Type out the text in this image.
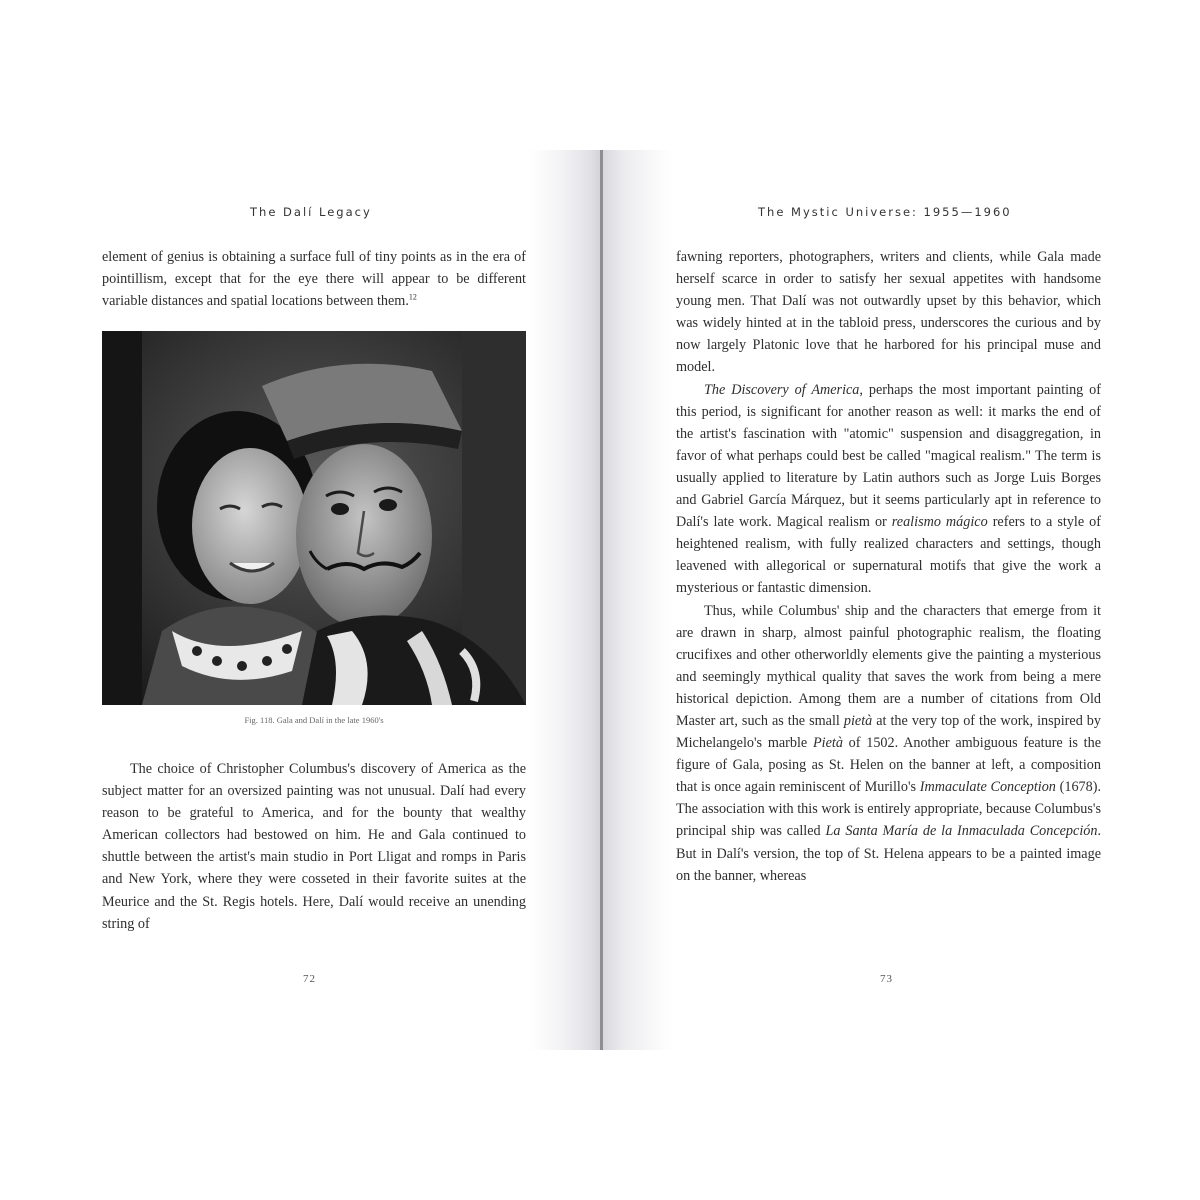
The Dalí Legacy

element of genius is obtaining a surface full of tiny points as in the era of pointillism, except that for the eye there will appear to be different variable distances and spatial locations between them.$^{12}$

Fig. 118. Gala and Dalí in the late 1960's

The choice of Christopher Columbus's discovery of America as the subject matter for an oversized painting was not unusual. Dalí had every reason to be grateful to America, and for the bounty that wealthy American collectors had bestowed on him. He and Gala continued to shuttle between the artist's main studio in Port Lligat and romps in Paris and New York, where they were cosseted in their favorite suites at the Meurice and the St. Regis hotels. Here, Dalí would receive an unending string of

72
The Mystic Universe: 1955—1960

fawning reporters, photographers, writers and clients, while Gala made herself scarce in order to satisfy her sexual appetites with handsome young men. That Dalí was not outwardly upset by this behavior, which was widely hinted at in the tabloid press, underscores the curious and by now largely Platonic love that he harbored for his principal muse and model.

The Discovery of America, perhaps the most important painting of this period, is significant for another reason as well: it marks the end of the artist's fascination with "atomic" suspension and disaggregation, in favor of what perhaps could best be called "magical realism." The term is usually applied to literature by Latin authors such as Jorge Luis Borges and Gabriel García Márquez, but it seems particularly apt in reference to Dalí's late work. Magical realism or realismo mágico refers to a style of heightened realism, with fully realized characters and settings, though leavened with allegorical or supernatural motifs that give the work a mysterious or fantastic dimension.

Thus, while Columbus' ship and the characters that emerge from it are drawn in sharp, almost painful photographic realism, the floating crucifixes and other otherworldly elements give the painting a mysterious and seemingly mythical quality that saves the work from being a mere historical depiction. Among them are a number of citations from Old Master art, such as the small pietà at the very top of the work, inspired by Michelangelo's marble Pietà of 1502. Another ambiguous feature is the figure of Gala, posing as St. Helen on the banner at left, a composition that is once again reminiscent of Murillo's Immaculate Conception (1678). The association with this work is entirely appropriate, because Columbus's principal ship was called La Santa María de la Inmaculada Concepción. But in Dalí's version, the top of St. Helena appears to be a painted image on the banner, whereas

73
